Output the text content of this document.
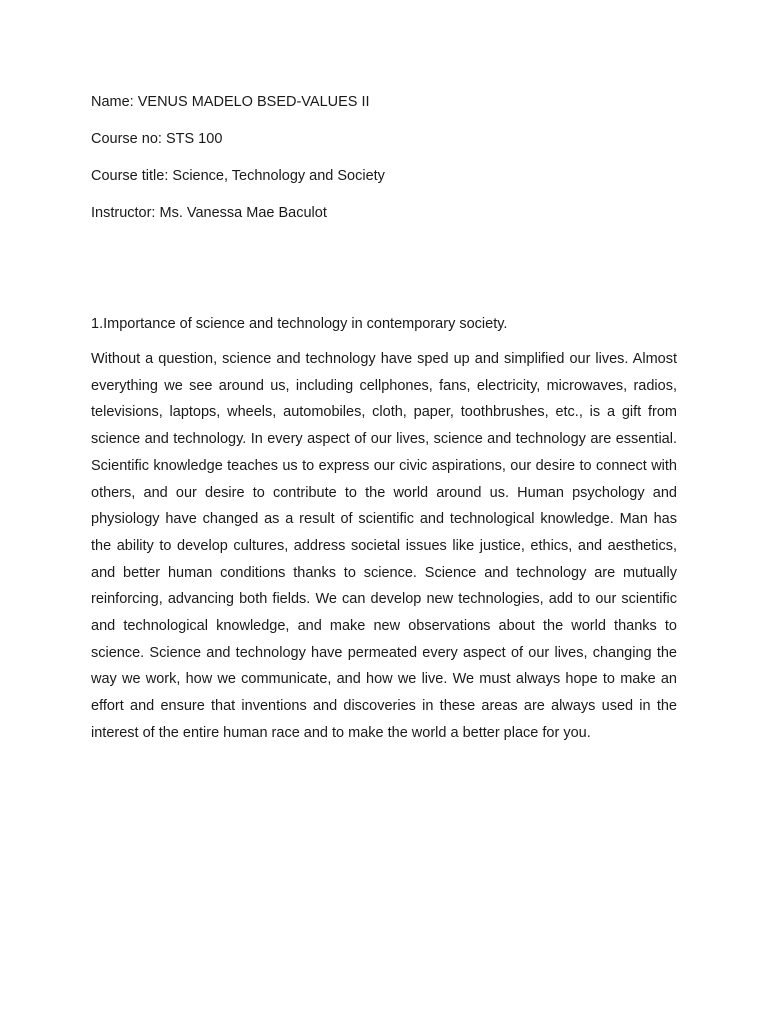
Name: VENUS MADELO BSED-VALUES II

Course no: STS 100

Course title: Science, Technology and Society

Instructor: Ms. Vanessa Mae Baculot

1.Importance of science and technology in contemporary society.

Without a question, science and technology have sped up and simplified our lives. Almost everything we see around us, including cellphones, fans, electricity, microwaves, radios, televisions, laptops, wheels, automobiles, cloth, paper, toothbrushes, etc., is a gift from science and technology. In every aspect of our lives, science and technology are essential. Scientific knowledge teaches us to express our civic aspirations, our desire to connect with others, and our desire to contribute to the world around us. Human psychology and physiology have changed as a result of scientific and technological knowledge. Man has the ability to develop cultures, address societal issues like justice, ethics, and aesthetics, and better human conditions thanks to science. Science and technology are mutually reinforcing, advancing both fields. We can develop new technologies, add to our scientific and technological knowledge, and make new observations about the world thanks to science. Science and technology have permeated every aspect of our lives, changing the way we work, how we communicate, and how we live. We must always hope to make an effort and ensure that inventions and discoveries in these areas are always used in the interest of the entire human race and to make the world a better place for you.
